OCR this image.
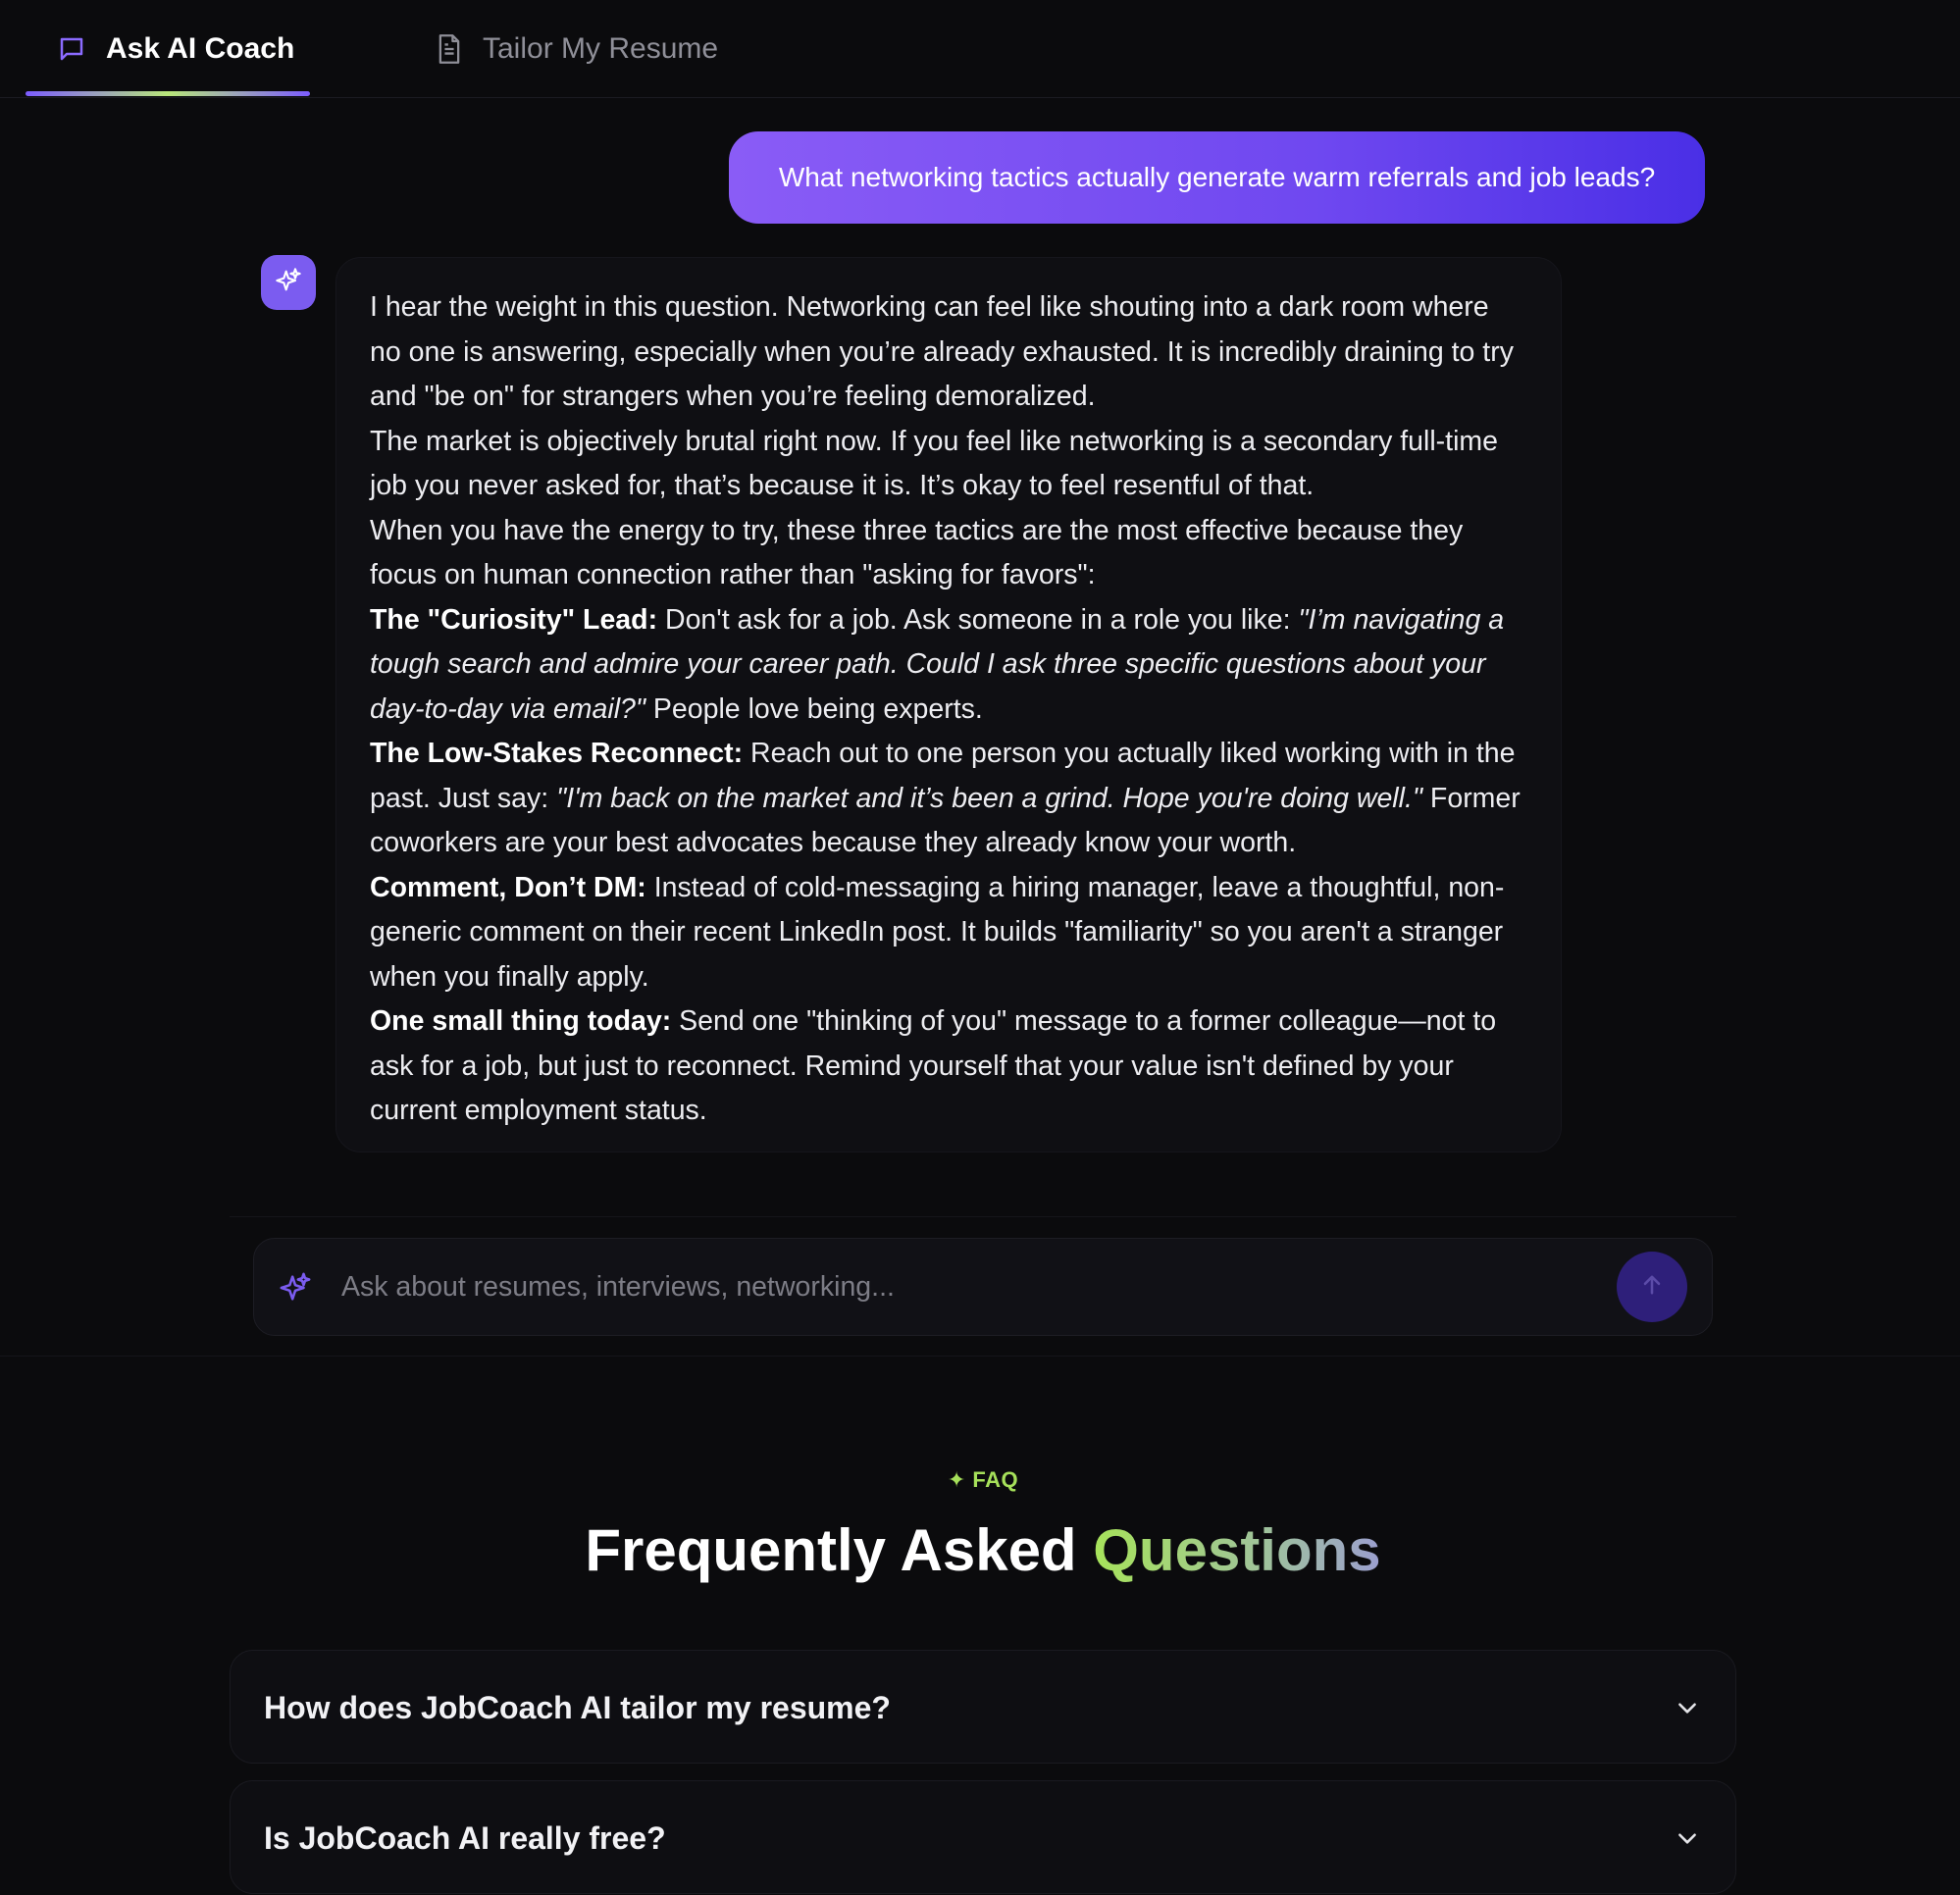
Ask AI Coach	Tailor My Resume
What networking tactics actually generate warm referrals and job leads?

I hear the weight in this question. Networking can feel like shouting into a dark room where no one is answering, especially when you’re already exhausted. It is incredibly draining to try and "be on" for strangers when you’re feeling demoralized.

The market is objectively brutal right now. If you feel like networking is a secondary full-time job you never asked for, that’s because it is. It’s okay to feel resentful of that.

When you have the energy to try, these three tactics are the most effective because they focus on human connection rather than "asking for favors":

The "Curiosity" Lead: Don't ask for a job. Ask someone in a role you like: "I’m navigating a tough search and admire your career path. Could I ask three specific questions about your day-to-day via email?" People love being experts.

The Low-Stakes Reconnect: Reach out to one person you actually liked working with in the past. Just say: "I'm back on the market and it’s been a grind. Hope you're doing well." Former coworkers are your best advocates because they already know your worth.

Comment, Don’t DM: Instead of cold-messaging a hiring manager, leave a thoughtful, non-generic comment on their recent LinkedIn post. It builds "familiarity" so you aren't a stranger when you finally apply.

One small thing today: Send one "thinking of you" message to a former colleague—not to ask for a job, but just to reconnect. Remind yourself that your value isn't defined by your current employment status.

Ask about resumes, interviews, networking...
✦ FAQ
Frequently Asked Questions
How does JobCoach AI tailor my resume?
Is JobCoach AI really free?
